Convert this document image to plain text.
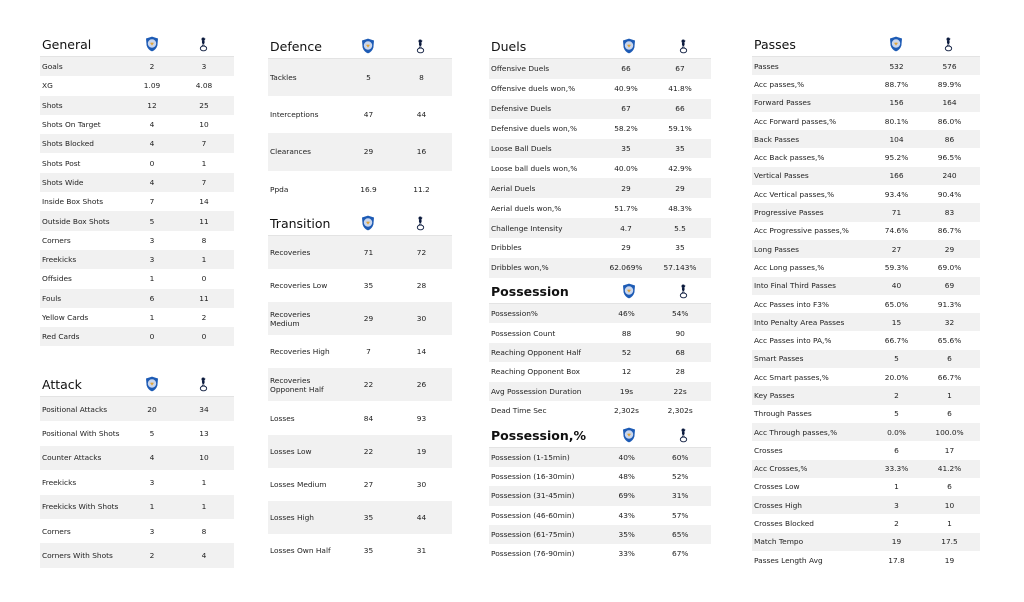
General
Goals	2	3	
XG	1.09	4.08	
Shots	12	25	
Shots On Target	4	10	
Shots Blocked	4	7	
Shots Post	0	1	
Shots Wide	4	7	
Inside Box Shots	7	14	
Outside Box Shots	5	11	
Corners	3	8	
Freekicks	3	1	
Offsides	1	0	
Fouls	6	11	
Yellow Cards	1	2	
Red Cards	0	0	
Attack
Positional Attacks	20	34	
Positional With Shots	5	13	
Counter Attacks	4	10	
Freekicks	3	1	
Freekicks With Shots	1	1	
Corners	3	8	
Corners With Shots	2	4	
Defence
Tackles	5	8	
Interceptions	47	44	
Clearances	29	16	
Ppda	16.9	11.2	
Transition
Recoveries	71	72	
Recoveries Low	35	28	
Recoveries Medium	29	30	
Recoveries High	7	14	
Recoveries Opponent Half	22	26	
Losses	84	93	
Losses Low	22	19	
Losses Medium	27	30	
Losses High	35	44	
Losses Own Half	35	31	
Duels
Offensive Duels	66	67	
Offensive duels won,%	40.9%	41.8%	
Defensive Duels	67	66	
Defensive duels won,%	58.2%	59.1%	
Loose Ball Duels	35	35	
Loose ball duels won,%	40.0%	42.9%	
Aerial Duels	29	29	
Aerial duels won,%	51.7%	48.3%	
Challenge Intensity	4.7	5.5	
Dribbles	29	35	
Dribbles won,%	62.069%	57.143%	
Possession
Possession%	46%	54%	
Possession Count	88	90	
Reaching Opponent Half	52	68	
Reaching Opponent Box	12	28	
Avg Possession Duration	19s	22s	
Dead Time Sec	2,302s	2,302s	
Possession,%
Possession (1-15min)	40%	60%	
Possession (16-30min)	48%	52%	
Possession (31-45min)	69%	31%	
Possession (46-60min)	43%	57%	
Possession (61-75min)	35%	65%	
Possession (76-90min)	33%	67%	
Passes
Passes	532	576	
Acc passes,%	88.7%	89.9%	
Forward Passes	156	164	
Acc Forward passes,%	80.1%	86.0%	
Back Passes	104	86	
Acc Back passes,%	95.2%	96.5%	
Vertical Passes	166	240	
Acc Vertical passes,%	93.4%	90.4%	
Progressive Passes	71	83	
Acc Progressive passes,%	74.6%	86.7%	
Long Passes	27	29	
Acc Long passes,%	59.3%	69.0%	
Into Final Third Passes	40	69	
Acc Passes into F3%	65.0%	91.3%	
Into Penalty Area Passes	15	32	
Acc Passes into PA,%	66.7%	65.6%	
Smart Passes	5	6	
Acc Smart passes,%	20.0%	66.7%	
Key Passes	2	1	
Through Passes	5	6	
Acc Through passes,%	0.0%	100.0%	
Crosses	6	17	
Acc Crosses,%	33.3%	41.2%	
Crosses Low	1	6	
Crosses High	3	10	
Crosses Blocked	2	1	
Match Tempo	19	17.5	
Passes Length Avg	17.8	19	
